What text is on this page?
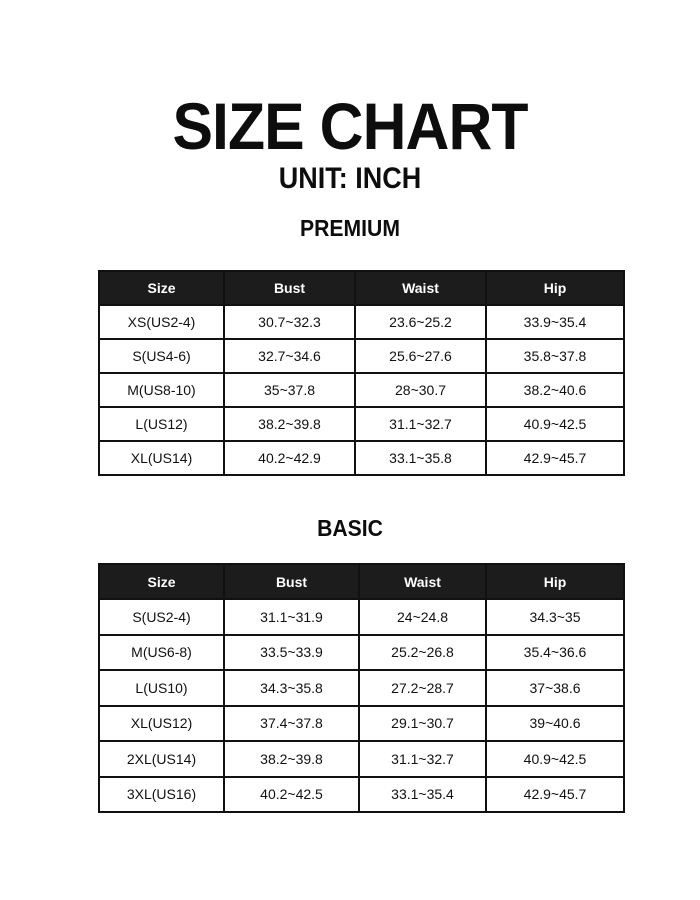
SIZE CHART
UNIT: INCH
PREMIUM
Size	Bust	Waist	Hip
XS(US2-4)	30.7~32.3	23.6~25.2	33.9~35.4
S(US4-6)	32.7~34.6	25.6~27.6	35.8~37.8
M(US8-10)	35~37.8	28~30.7	38.2~40.6
L(US12)	38.2~39.8	31.1~32.7	40.9~42.5
XL(US14)	40.2~42.9	33.1~35.8	42.9~45.7
BASIC
Size	Bust	Waist	Hip
S(US2-4)	31.1~31.9	24~24.8	34.3~35
M(US6-8)	33.5~33.9	25.2~26.8	35.4~36.6
L(US10)	34.3~35.8	27.2~28.7	37~38.6
XL(US12)	37.4~37.8	29.1~30.7	39~40.6
2XL(US14)	38.2~39.8	31.1~32.7	40.9~42.5
3XL(US16)	40.2~42.5	33.1~35.4	42.9~45.7
